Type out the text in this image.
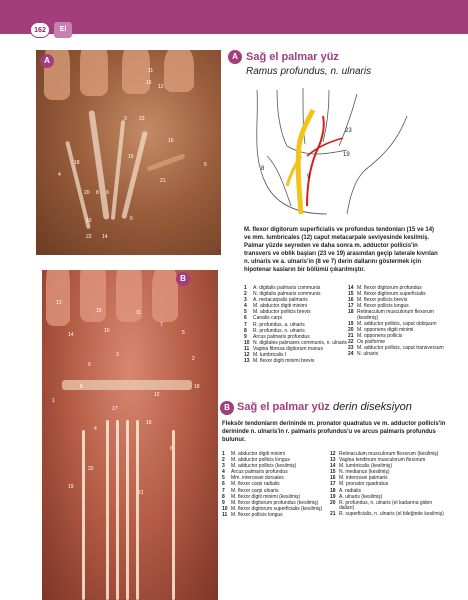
162	El
11
15
12
3 23
16
19
21
18	5
4
20 8 9
10
22 14
6
A	A Sağ el palmar yüz
Ramus profundus, n. ulnaris
23
19
8
9
M. flexor digitorum superficialis ve profundus tendonları (15 ve 14) ve mm. lumbricales (12) caput metacarpale seviyesinde kesilmiş. Palmar yüzde seyreden ve daha sonra m. adductor pollicis'in transvers ve oblik başları (23 ve 19) arasından geçip laterale kıvrılan n. ulnaris ve a. ulnaris'in (8 ve 7) derin dallarını göstermek için hipotenar kasların bir bölümü çıkarılmıştır.
1	A. digitalis palmaris communis
2	N. digitalis palmaris communis
3	A. metacarpalis palmaris
4	M. abductor digiti minimi
5	M. abductor pollicis brevis
6	Canalis carpi
7	R. profundus, a. ulnaris
8	R. profundus, n. ulnaris
9	Arcus palmaris profundus
10 N. digitales palmares communis, n. ulnaris
11 Vagina fibrosa digitorum manus
12 M. lumbricalis I
13 M. flexor digiti minimi brevis
14 M. flexor digitorum profundus
15 M. flexor digitorum superficialis
16 M. flexor pollicis brevis
17 M. flexor pollicis longus
18 Retinaculum musculorum flexorum (kesilmiş)
19 M. adductor pollicis, caput obliquum
20 M. opponens digiti minimi
21 M. opponens pollicis
22 Os pisiforme
23 M. adductor pollicis, caput transversum
24 N. ulnaris
13
15	11
10
7
14	5
3
9
2
8	18
1
12
17
4
16
6
20
19
21
B
B Sağ el palmar yüz derin diseksiyon
Fleksör tendonların derininde m. pronator quadratus ve m. adductor pollicis'in derininde n. ulnaris'in r. palmaris profundus'u ve arcus palmaris profundus bulunur.
1	M. abductor digiti minimi
2	M. abductor pollicis longus
3	M. adductor pollicis (kesilmiş)
4	Arcus palmaris profundus
5	Mm. interossei dorsales
6	M. flexor carpi radialis
7	M. flexor carpi ulnaris
8	M. flexor digiti minimi (kesilmiş)
9	M. flexor digitorum profundus (kesilmiş)
10 M. flexor digitorum superficialis (kesilmiş)
11 M. flexor pollicis longus
12 Retinaculum musculorum flexorum (kesilmiş)
13 Vagina tendinum musculorum flexorum
14 M. lumbricalis (kesilmiş)
15 N. medianus (kesilmiş)
16 M. interossei palmaris
17 M. pronator quadratus
18 A. radialis
19 A. ulnaris (kesilmiş)
20 R. profundus, n. ulnaris (el kadarına giden dalları)
21 R. superficialis, n. ulnaris (el bileğinde kesilmiş)
